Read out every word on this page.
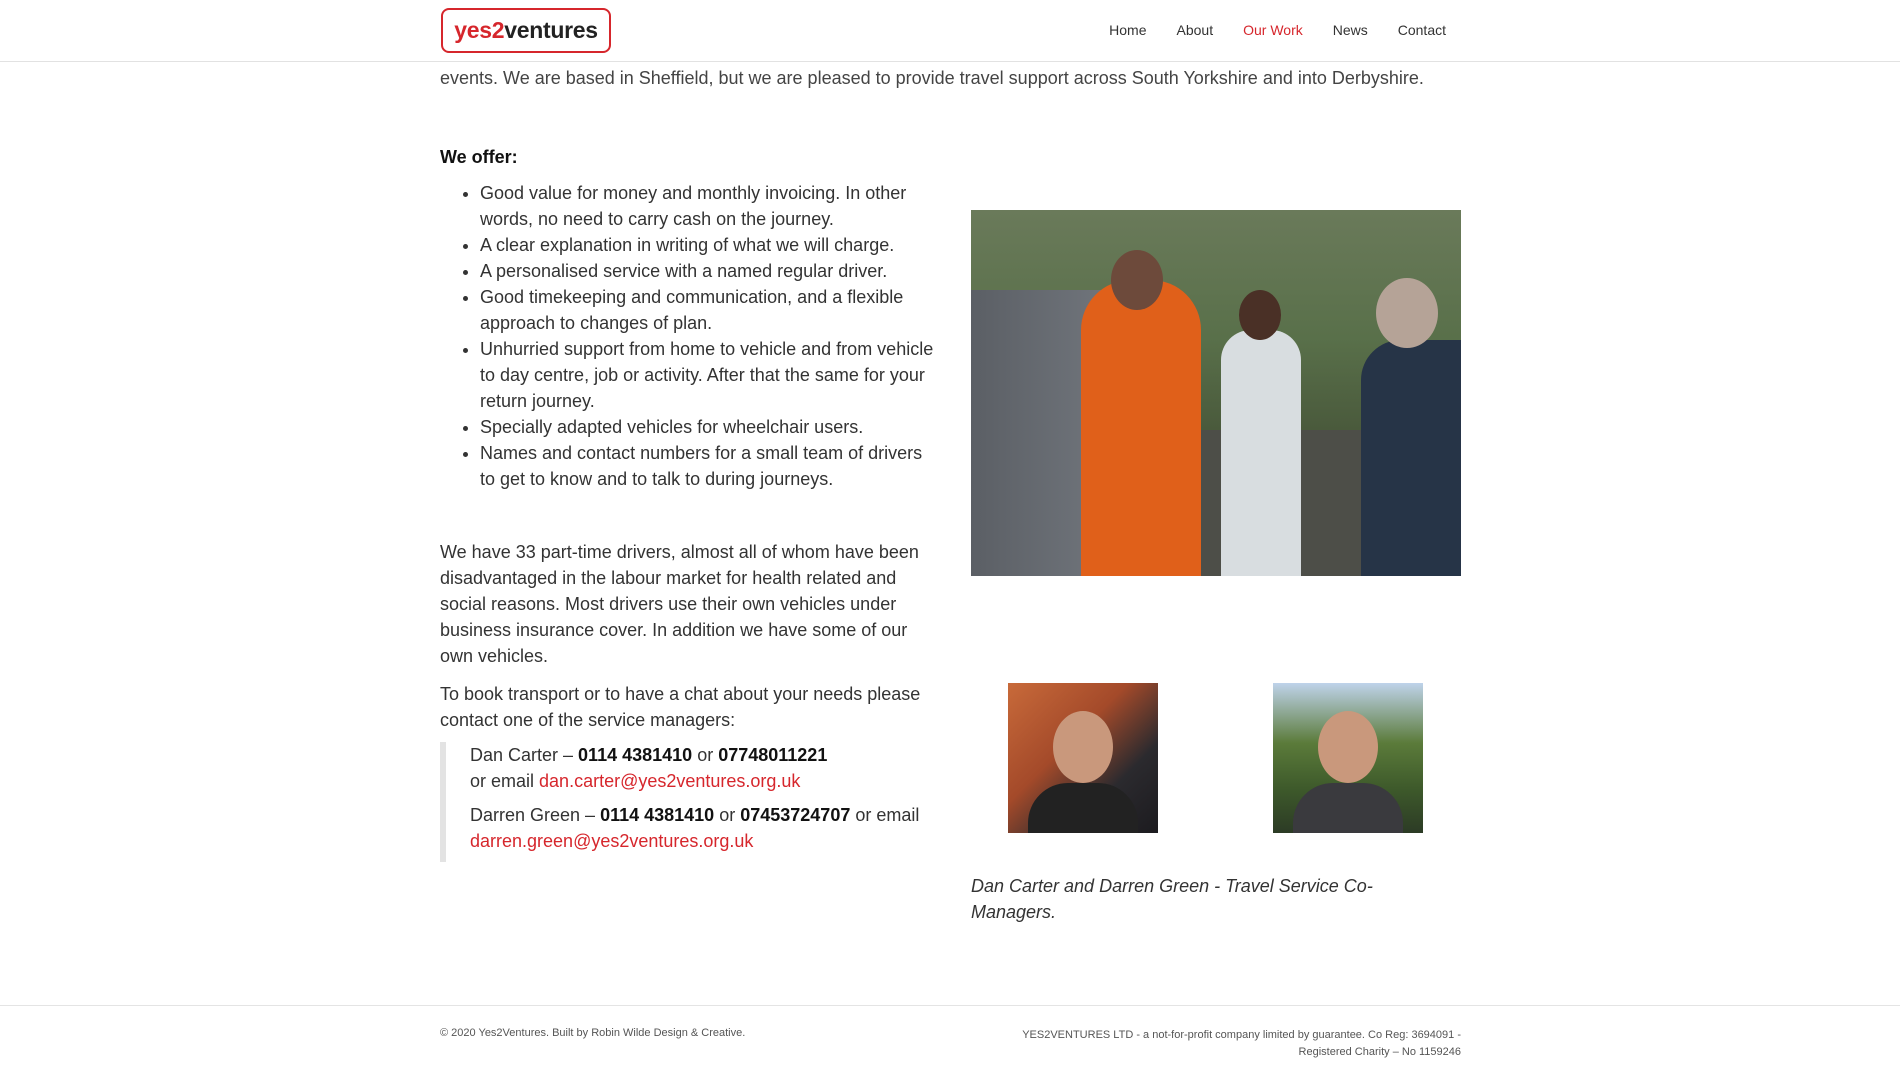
yes2 ventures	Home About Our Work News Contact
events. We are based in Sheffield, but we are pleased to provide travel support across South Yorkshire and into Derbyshire.

We offer:

• Good value for money and monthly invoicing. In other words, no need to carry cash on the journey.
• A clear explanation in writing of what we will charge.
• A personalised service with a named regular driver.
• Good timekeeping and communication, and a flexible approach to changes of plan.
• Unhurried support from home to vehicle and from vehicle to day centre, job or activity. After that the same for your return journey.
• Specially adapted vehicles for wheelchair users.
• Names and contact numbers for a small team of drivers to get to know and to talk to during journeys.

We have 33 part-time drivers, almost all of whom have been disadvantaged in the labour market for health related and social reasons. Most drivers use their own vehicles under business insurance cover. In addition we have some of our own vehicles.

To book transport or to have a chat about your needs please contact one of the service managers:

Dan Carter – 0114 4381410 or 07748011221
or email dan.carter@yes2ventures.org.uk

Darren Green – 0114 4381410 or 07453724707 or email
darren.green@yes2ventures.org.uk

Dan Carter and Darren Green - Travel Service Co-Managers.

© 2020 Yes2Ventures. Built by Robin Wilde Design & Creative.	YES2VENTURES LTD - a not-for-profit company limited by guarantee. Co Reg: 3694091 -
Registered Charity – No 1159246
